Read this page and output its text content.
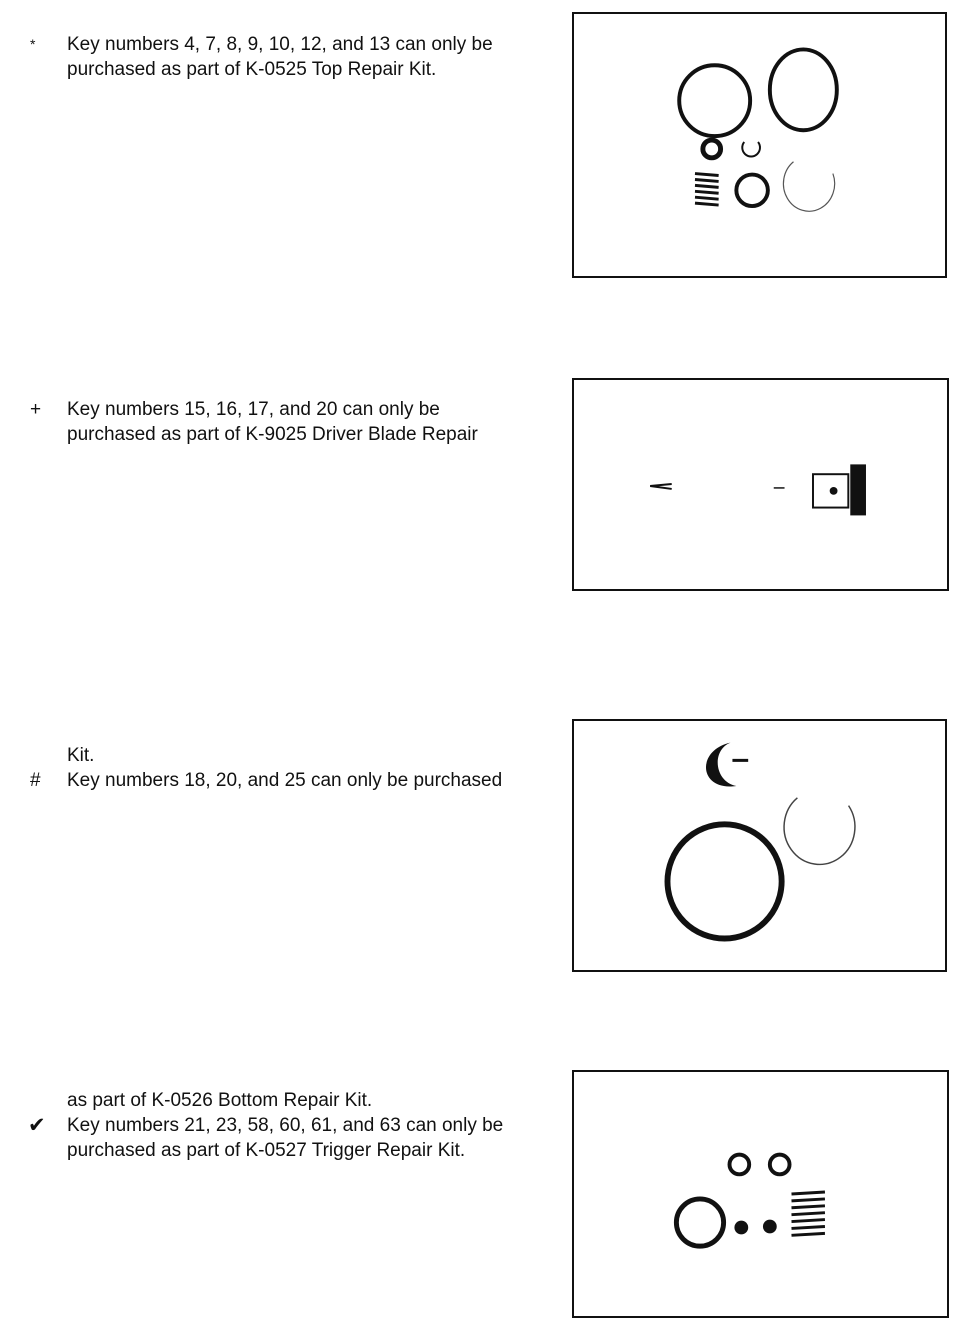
* Key numbers 4, 7, 8, 9, 10, 12, and 13 can only be
purchased as part of K-0525 Top Repair Kit.
+ Key numbers 15, 16, 17, and 20 can only be
purchased as part of K-9025 Driver Blade Repair
Kit.
# Key numbers 18, 20, and 25 can only be purchased
as part of K-0526 Bottom Repair Kit.
✔ Key numbers 21, 23, 58, 60, 61, and 63 can only be
purchased as part of K-0527 Trigger Repair Kit.
